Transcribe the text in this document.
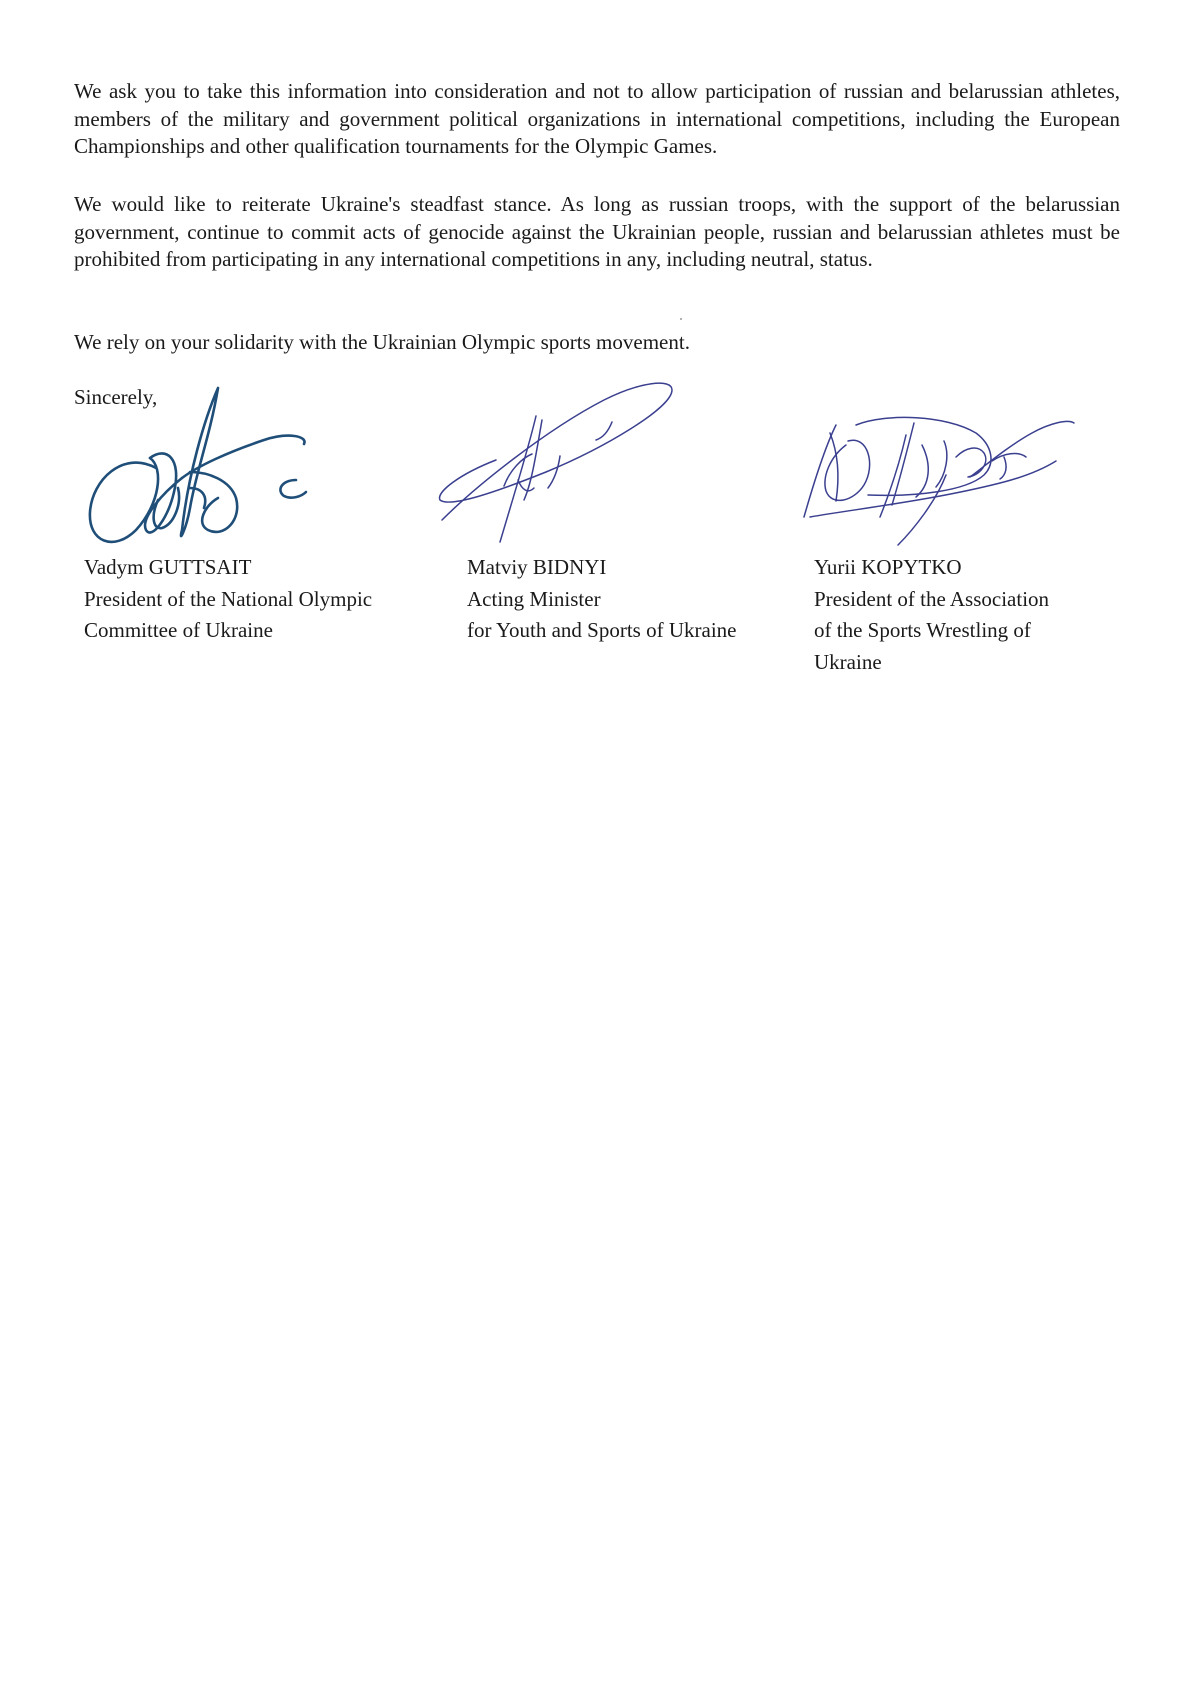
We ask you to take this information into consideration and not to allow participation of russian and belarussian athletes, members of the military and government political organizations in international competitions, including the European Championships and other qualification tournaments for the Olympic Games.

We would like to reiterate Ukraine's steadfast stance. As long as russian troops, with the support of the belarussian government, continue to commit acts of genocide against the Ukrainian people, russian and belarussian athletes must be prohibited from participating in any international competitions in any, including neutral, status.

We rely on your solidarity with the Ukrainian Olympic sports movement.

Sincerely,

Vadym GUTTSAIT
President of the National Olympic
Committee of Ukraine
Matviy BIDNYI
Acting Minister
for Youth and Sports of Ukraine
Yurii KOPYTKO
President of the Association
of the Sports Wrestling of
Ukraine
